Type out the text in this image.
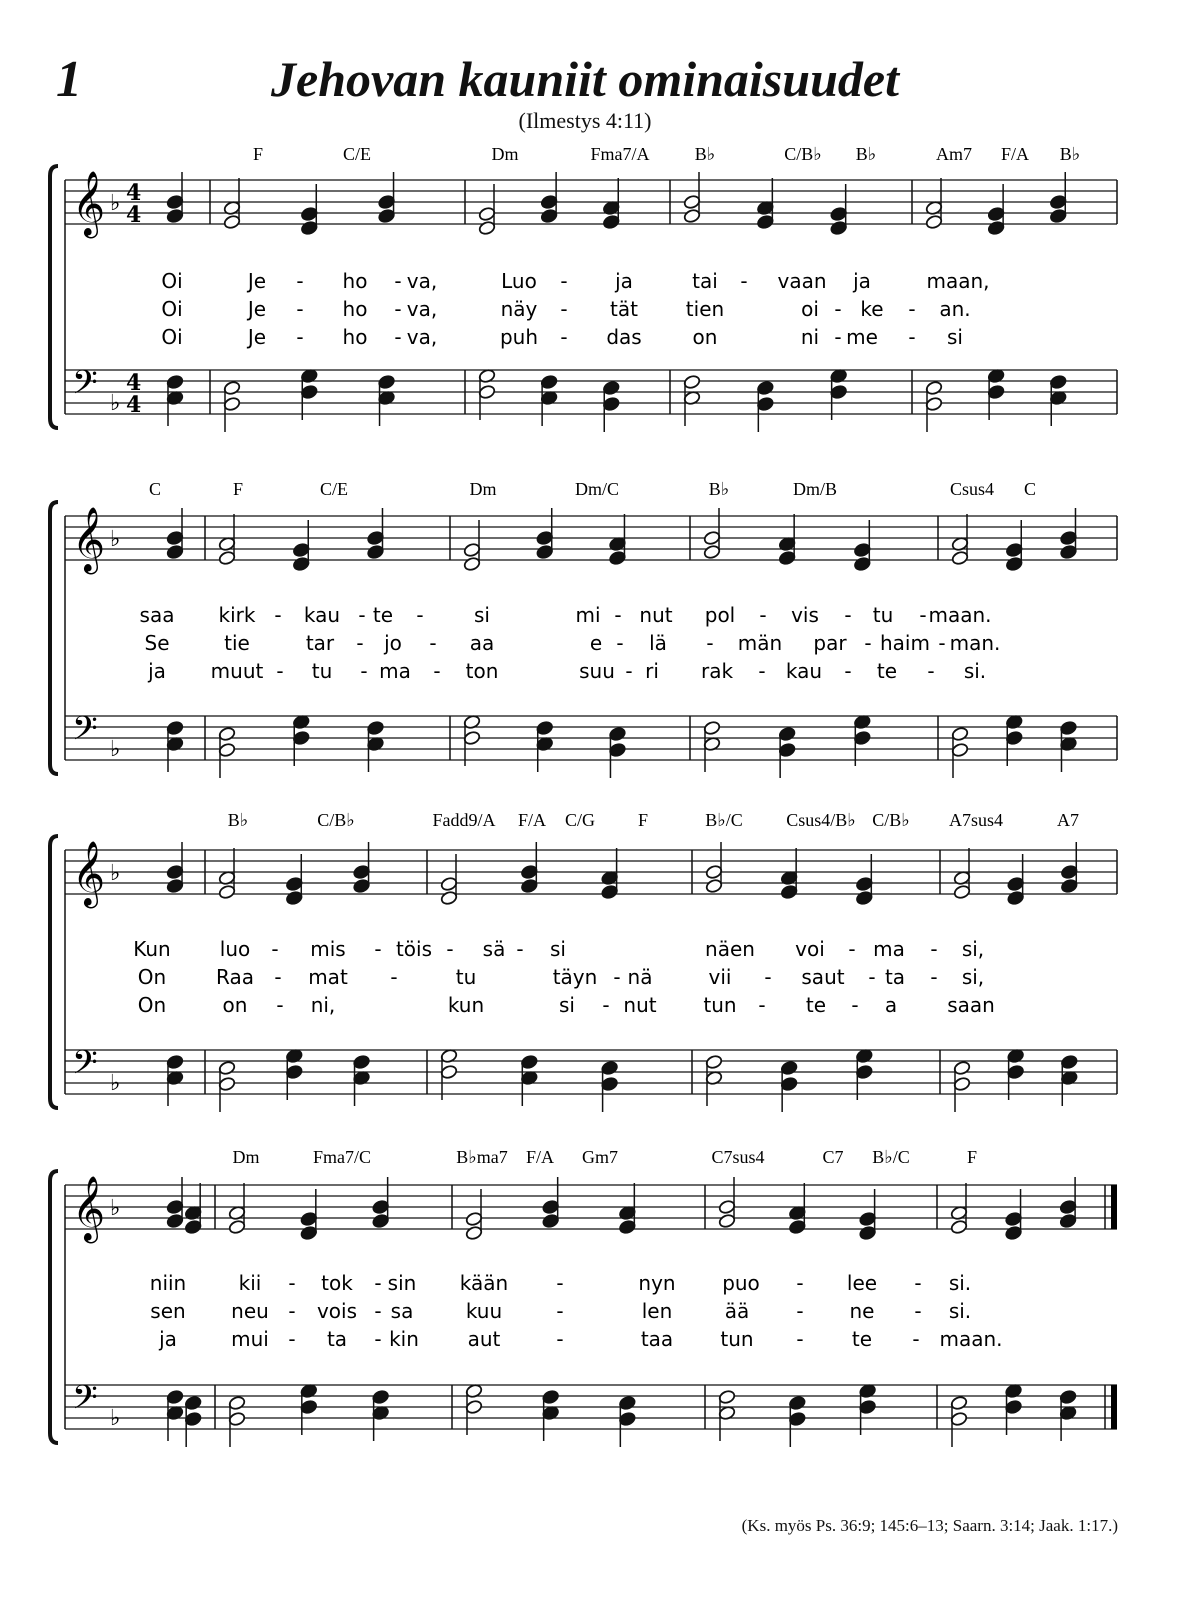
1	Jehovan kauniit ominaisuudet
(Ilmestys 4:11)
F	C/E	Dm	Fma7/A	B♭	C/B♭ B♭	Am7 F/A B♭
𝄞
𝄢
♭
♭
4
4
4
4
Oi	Je - ho - va,	Luo - ja	tai - vaan ja	maan,
Oi	Je - ho - va,	näy - tät tien	oi - ke - an.
Oi	Je - ho - va,	puh - das	on	ni - me - si
C	F	C/E	Dm	Dm/C	B♭	Dm/B	Csus4 C
𝄞
𝄢
♭
♭
saa kirk - kau - te -	si	mi - nut pol - vis - tu - maan.
Se	tie	tar - jo - aa	e - lä - män par - haim - man.
ja muut - tu - ma - ton	suu - ri rak - kau - te - si.
B♭	C/B♭	Fadd9/A F/A C/G F	B♭/C Csus4/B♭ C/B♭ A7sus4	A7
𝄞
𝄢
♭
♭
Kun luo - mis - töis - sä - si	näen voi - ma - si,
On Raa - mat -	tu	täyn - nä	vii - saut - ta - si,
On	on - ni,	kun	si - nut tun - te - a	saan
Dm	Fma7/C	B♭ma7 F/A Gm7	C7sus4	C7 B♭/C	F
𝄞
𝄢
♭
♭
niin	kii - tok - sin kään -	nyn puo - lee - si.
sen neu - vois - sa	kuu	-	len	ää - ne - si.
ja	mui - ta - kin aut	-	taa tun - te - maan.
(Ks. myös Ps. 36:9; 145:6–13; Saarn. 3:14; Jaak. 1:17.)
